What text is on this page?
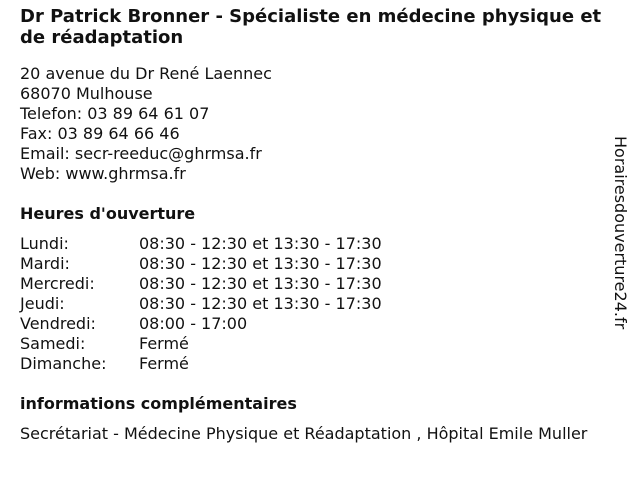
Dr Patrick Bronner - Spécialiste en médecine physique et de réadaptation
20 avenue du Dr René Laennec
68070 Mulhouse
Telefon: 03 89 64 61 07
Fax: 03 89 64 66 46
Email: secr-reeduc@ghrmsa.fr
Web: www.ghrmsa.fr
Heures d'ouverture
Lundi:	08:30 - 12:30 et 13:30 - 17:30
Mardi:	08:30 - 12:30 et 13:30 - 17:30
Mercredi:	08:30 - 12:30 et 13:30 - 17:30
Jeudi:	08:30 - 12:30 et 13:30 - 17:30
Vendredi:	08:00 - 17:00
Samedi:	Fermé
Dimanche:	Fermé
informations complémentaires
Secrétariat - Médecine Physique et Réadaptation , Hôpital Emile Muller
Horairesdouverture24.fr
